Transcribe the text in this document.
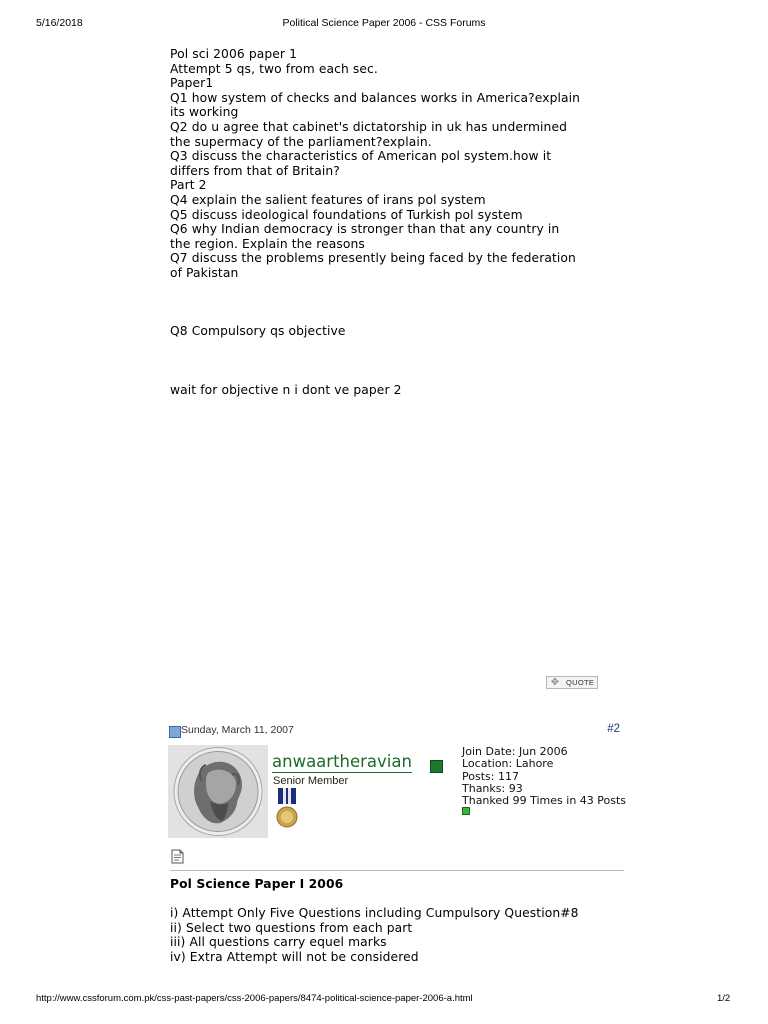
5/16/2018	Political Science Paper 2006 - CSS Forums
Pol sci 2006 paper 1
Attempt 5 qs, two from each sec.
Paper1
Q1 how system of checks and balances works in America?explain
its working
Q2 do u agree that cabinet's dictatorship in uk has undermined
the supermacy of the parliament?explain.
Q3 discuss the characteristics of American pol system.how it
differs from that of Britain?
Part 2
Q4 explain the salient features of irans pol system
Q5 discuss ideological foundations of Turkish pol system
Q6 why Indian democracy is stronger than that any country in
the region. Explain the reasons
Q7 discuss the problems presently being faced by the federation
of Pakistan
Q8 Compulsory qs objective
wait for objective n i dont ve paper 2
✥ QUOTE
Sunday, March 11, 2007	#2
anwaartheravian
Senior Member
Join Date: Jun 2006
Location: Lahore
Posts: 117
Thanks: 93
Thanked 99 Times in 43 Posts
Pol Science Paper I 2006
i) Attempt Only Five Questions including Cumpulsory Question#8
ii) Select two questions from each part
iii) All questions carry equel marks
iv) Extra Attempt will not be considered
http://www.cssforum.com.pk/css-past-papers/css-2006-papers/8474-political-science-paper-2006-a.html	1/2
